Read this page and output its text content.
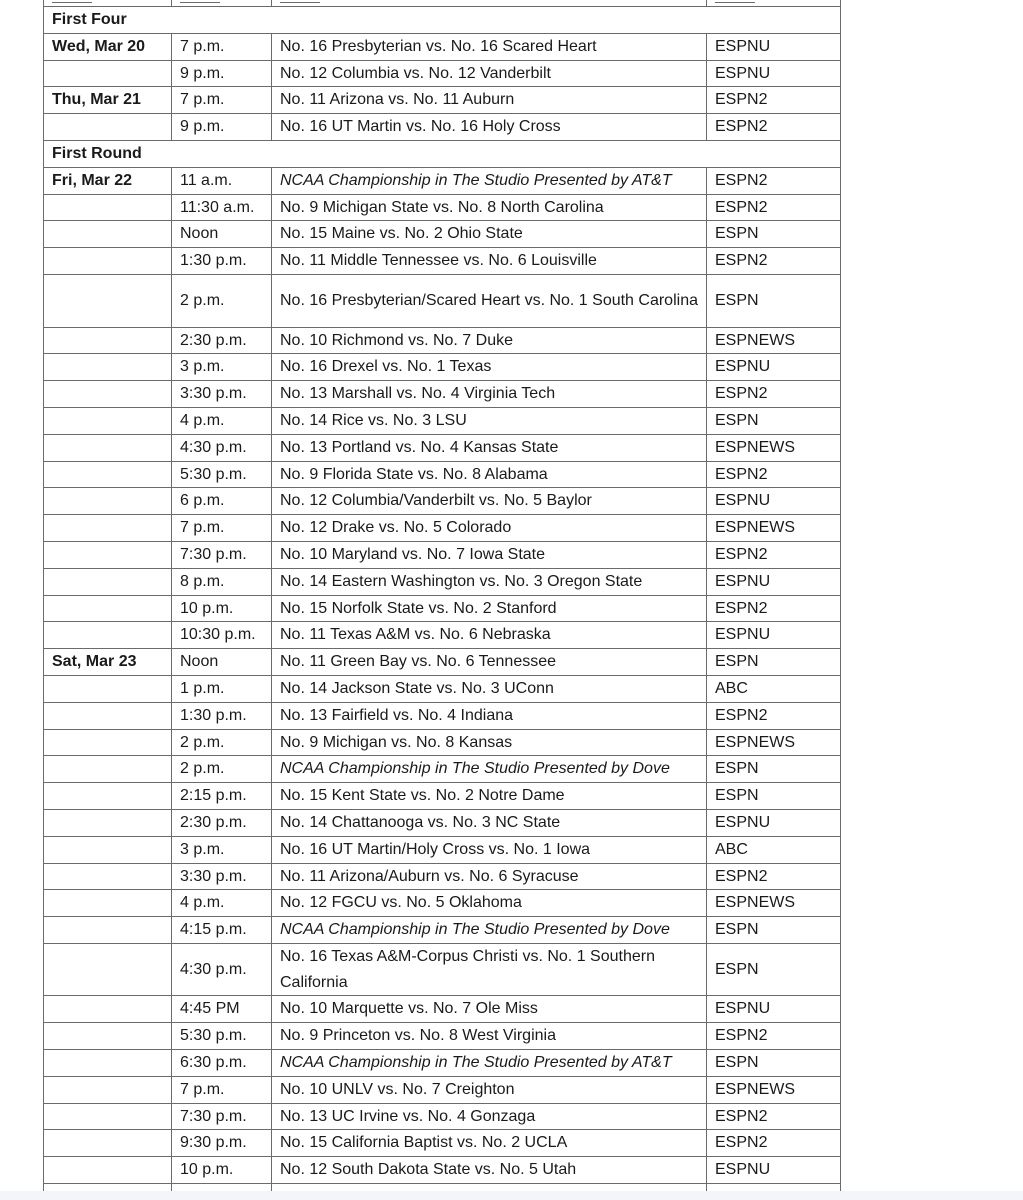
First Four			
Wed, Mar 20	7 p.m.	No. 16 Presbyterian vs. No. 16 Scared Heart	ESPNU
	9 p.m.	No. 12 Columbia vs. No. 12 Vanderbilt	ESPNU
Thu, Mar 21	7 p.m.	No. 11 Arizona vs. No. 11 Auburn	ESPN2
	9 p.m.	No. 16 UT Martin vs. No. 16 Holy Cross	ESPN2
First Round			
Fri, Mar 22	11 a.m.	NCAA Championship in The Studio Presented by AT&T	ESPN2
	11:30 a.m.	No. 9 Michigan State vs. No. 8 North Carolina	ESPN2
	Noon	No. 15 Maine vs. No. 2 Ohio State	ESPN
	1:30 p.m.	No. 11 Middle Tennessee vs. No. 6 Louisville	ESPN2
	2 p.m.	No. 16 Presbyterian/Scared Heart vs. No. 1 South Carolina	ESPN
	2:30 p.m.	No. 10 Richmond vs. No. 7 Duke	ESPNEWS
	3 p.m.	No. 16 Drexel vs. No. 1 Texas	ESPNU
	3:30 p.m.	No. 13 Marshall vs. No. 4 Virginia Tech	ESPN2
	4 p.m.	No. 14 Rice vs. No. 3 LSU	ESPN
	4:30 p.m.	No. 13 Portland vs. No. 4 Kansas State	ESPNEWS
	5:30 p.m.	No. 9 Florida State vs. No. 8 Alabama	ESPN2
	6 p.m.	No. 12 Columbia/Vanderbilt vs. No. 5 Baylor	ESPNU
	7 p.m.	No. 12 Drake vs. No. 5 Colorado	ESPNEWS
	7:30 p.m.	No. 10 Maryland vs. No. 7 Iowa State	ESPN2
	8 p.m.	No. 14 Eastern Washington vs. No. 3 Oregon State	ESPNU
	10 p.m.	No. 15 Norfolk State vs. No. 2 Stanford	ESPN2
	10:30 p.m.	No. 11 Texas A&M vs. No. 6 Nebraska	ESPNU
Sat, Mar 23	Noon	No. 11 Green Bay vs. No. 6 Tennessee	ESPN
	1 p.m.	No. 14 Jackson State vs. No. 3 UConn	ABC
	1:30 p.m.	No. 13 Fairfield vs. No. 4 Indiana	ESPN2
	2 p.m.	No. 9 Michigan vs. No. 8 Kansas	ESPNEWS
	2 p.m.	NCAA Championship in The Studio Presented by Dove	ESPN
	2:15 p.m.	No. 15 Kent State vs. No. 2 Notre Dame	ESPN
	2:30 p.m.	No. 14 Chattanooga vs. No. 3 NC State	ESPNU
	3 p.m.	No. 16 UT Martin/Holy Cross vs. No. 1 Iowa	ABC
	3:30 p.m.	No. 11 Arizona/Auburn vs. No. 6 Syracuse	ESPN2
	4 p.m.	No. 12 FGCU vs. No. 5 Oklahoma	ESPNEWS
	4:15 p.m.	NCAA Championship in The Studio Presented by Dove	ESPN
	4:30 p.m.	No. 16 Texas A&M-Corpus Christi vs. No. 1 Southern California	ESPN
	4:45 PM	No. 10 Marquette vs. No. 7 Ole Miss	ESPNU
	5:30 p.m.	No. 9 Princeton vs. No. 8 West Virginia	ESPN2
	6:30 p.m.	NCAA Championship in The Studio Presented by AT&T	ESPN
	7 p.m.	No. 10 UNLV vs. No. 7 Creighton	ESPNEWS
	7:30 p.m.	No. 13 UC Irvine vs. No. 4 Gonzaga	ESPN2
	9:30 p.m.	No. 15 California Baptist vs. No. 2 UCLA	ESPN2
	10 p.m.	No. 12 South Dakota State vs. No. 5 Utah	ESPNU
